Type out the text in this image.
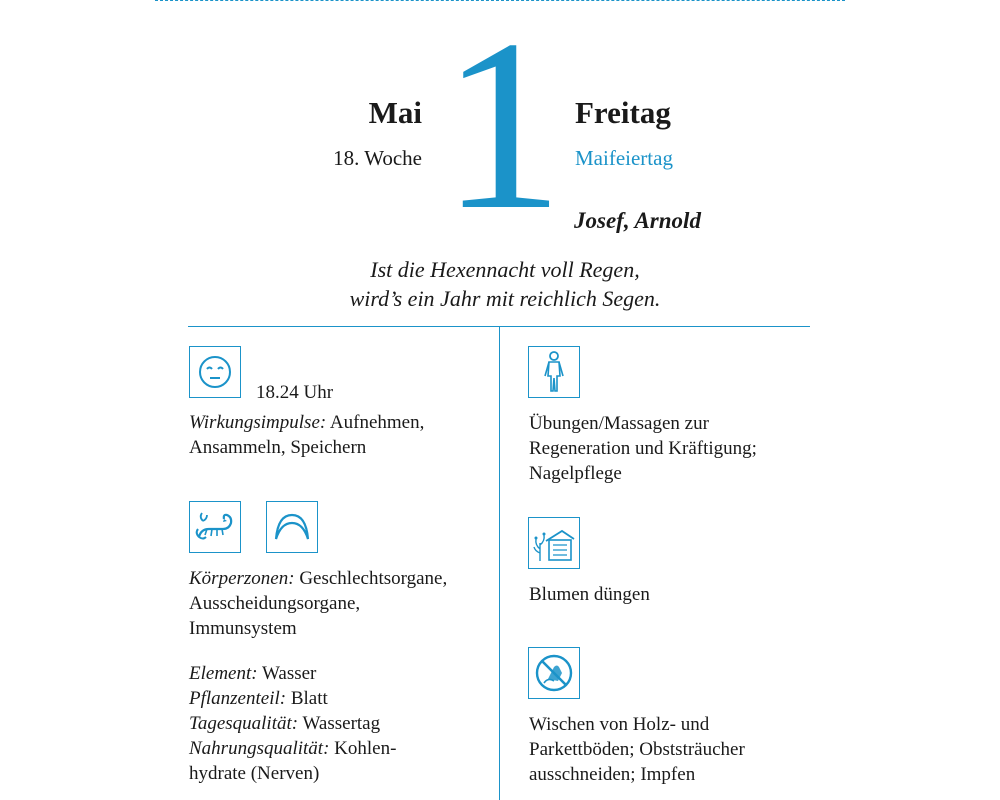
1
Mai
18. Woche
Freitag
Maifeiertag
Josef, Arnold
Ist die Hexennacht voll Regen,
wird’s ein Jahr mit reichlich Segen.
18.24 Uhr
Wirkungsimpulse: Aufnehmen,
Ansammeln, Speichern
Körperzonen: Geschlechtsorgane,
Ausscheidungsorgane,
Immunsystem
Element: Wasser
Pflanzenteil: Blatt
Tagesqualität: Wassertag
Nahrungsqualität: Kohlen-
hydrate (Nerven)
Übungen/Massagen zur
Regeneration und Kräftigung;
Nagelpflege
Blumen düngen
Wischen von Holz- und
Parkettböden; Obststräucher
ausschneiden; Impfen
